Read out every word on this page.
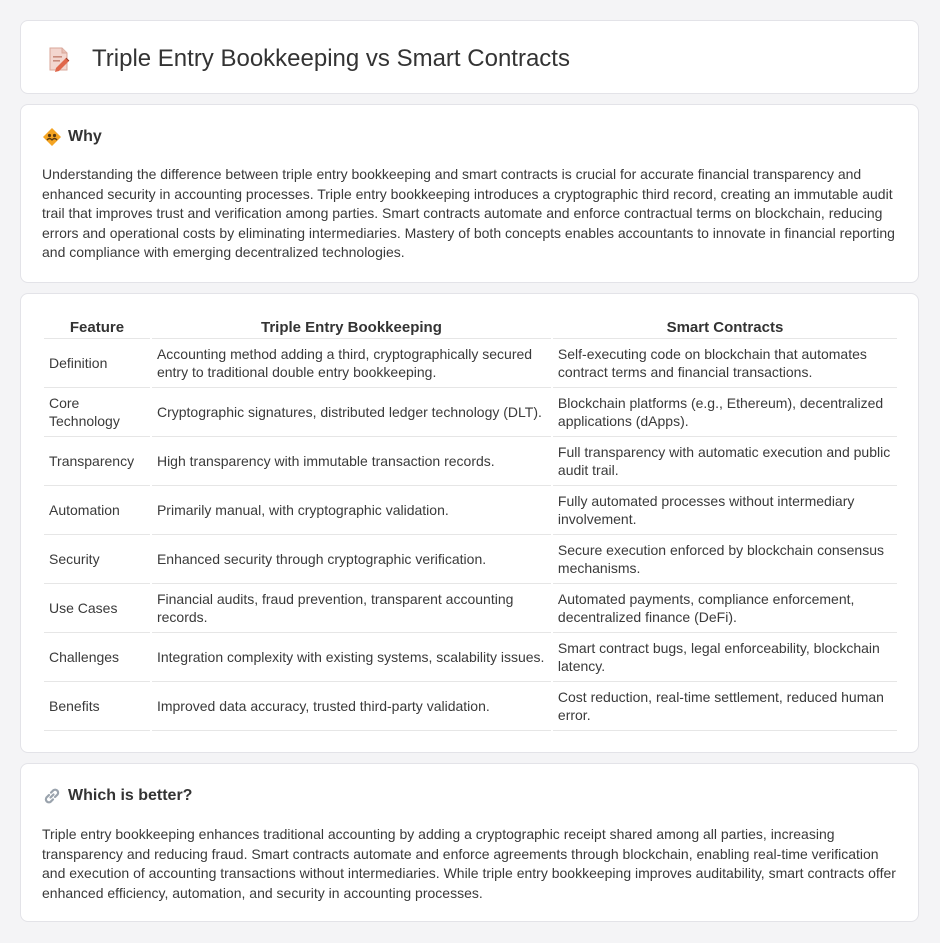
Triple Entry Bookkeeping vs Smart Contracts
Why

Understanding the difference between triple entry bookkeeping and smart contracts is crucial for accurate financial transparency and enhanced security in accounting processes. Triple entry bookkeeping introduces a cryptographic third record, creating an immutable audit trail that improves trust and verification among parties. Smart contracts automate and enforce contractual terms on blockchain, reducing errors and operational costs by eliminating intermediaries. Mastery of both concepts enables accountants to innovate in financial reporting and compliance with emerging decentralized technologies.

Feature	Triple Entry Bookkeeping	Smart Contracts
Definition	Accounting method adding a third, cryptographically secured entry to traditional double entry bookkeeping.	Self-executing code on blockchain that automates contract terms and financial transactions.
Core Technology	Cryptographic signatures, distributed ledger technology (DLT).	Blockchain platforms (e.g., Ethereum), decentralized applications (dApps).
Transparency	High transparency with immutable transaction records.	Full transparency with automatic execution and public audit trail.
Automation	Primarily manual, with cryptographic validation.	Fully automated processes without intermediary involvement.
Security	Enhanced security through cryptographic verification.	Secure execution enforced by blockchain consensus mechanisms.
Use Cases	Financial audits, fraud prevention, transparent accounting records.	Automated payments, compliance enforcement, decentralized finance (DeFi).
Challenges	Integration complexity with existing systems, scalability issues.	Smart contract bugs, legal enforceability, blockchain latency.
Benefits	Improved data accuracy, trusted third-party validation.	Cost reduction, real-time settlement, reduced human error.
Which is better?

Triple entry bookkeeping enhances traditional accounting by adding a cryptographic receipt shared among all parties, increasing transparency and reducing fraud. Smart contracts automate and enforce agreements through blockchain, enabling real-time verification and execution of accounting transactions without intermediaries. While triple entry bookkeeping improves auditability, smart contracts offer enhanced efficiency, automation, and security in accounting processes.
